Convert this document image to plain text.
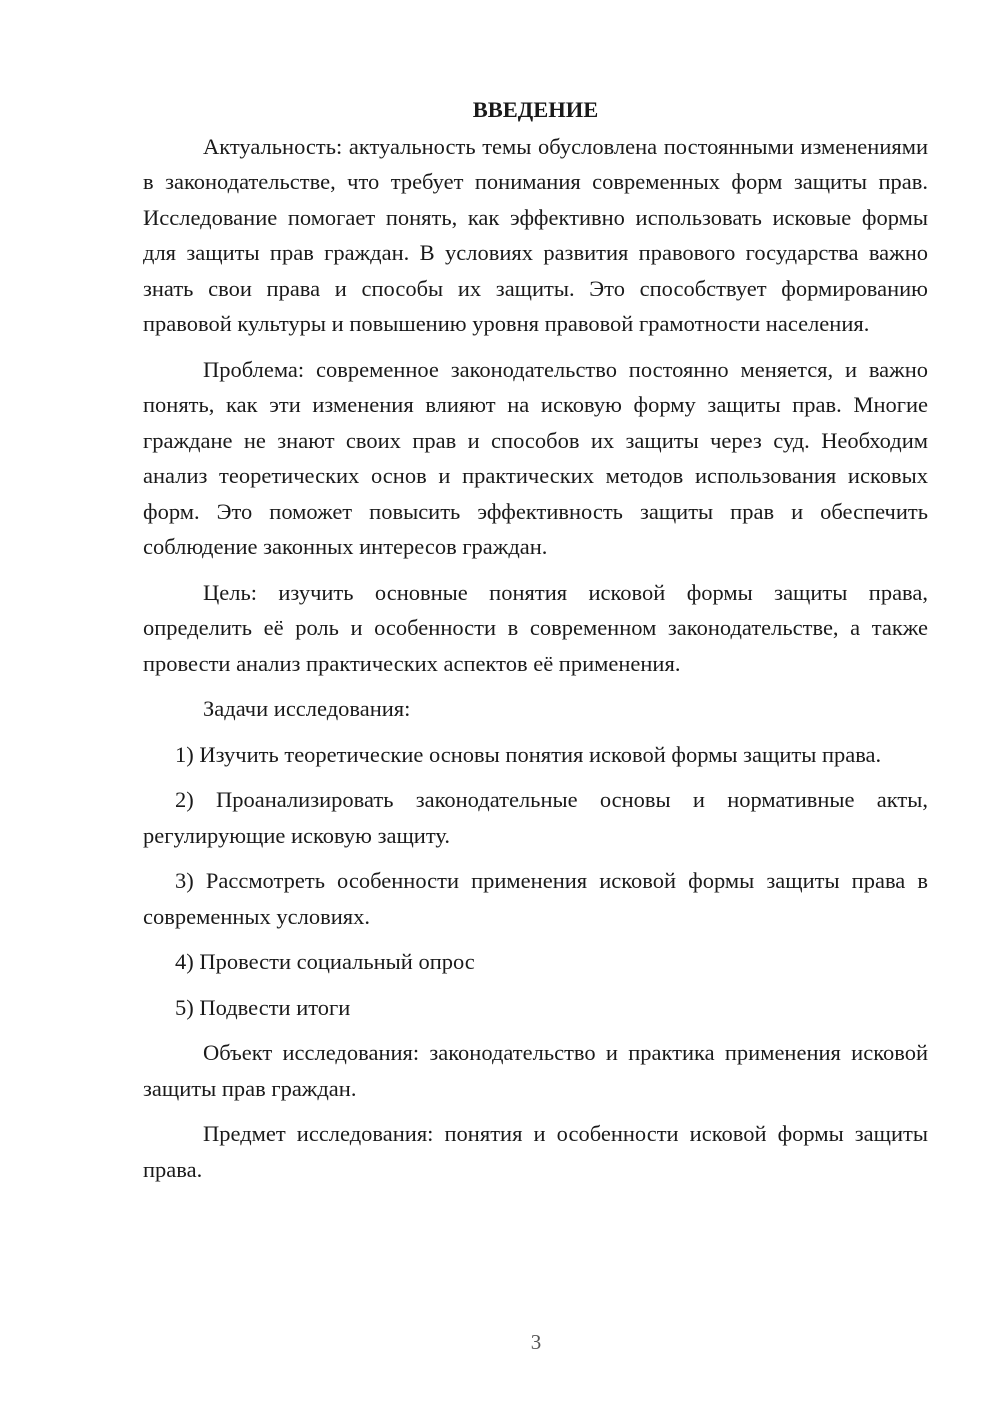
ВВЕДЕНИЕ

Актуальность: актуальность темы обусловлена постоянными изменениями в законодательстве, что требует понимания современных форм защиты прав. Исследование помогает понять, как эффективно использовать исковые формы для защиты прав граждан. В условиях развития правового государства важно знать свои права и способы их защиты. Это способствует формированию правовой культуры и повышению уровня правовой грамотности населения.

Проблема: современное законодательство постоянно меняется, и важно понять, как эти изменения влияют на исковую форму защиты прав. Многие граждане не знают своих прав и способов их защиты через суд. Необходим анализ теоретических основ и практических методов использования исковых форм. Это поможет повысить эффективность защиты прав и обеспечить соблюдение законных интересов граждан.

Цель: изучить основные понятия исковой формы защиты права, определить её роль и особенности в современном законодательстве, а также провести анализ практических аспектов её применения.

Задачи исследования:

1) Изучить теоретические основы понятия исковой формы защиты права.

2) Проанализировать законодательные основы и нормативные акты, регулирующие исковую защиту.

3) Рассмотреть особенности применения исковой формы защиты права в современных условиях.

4) Провести социальный опрос

5) Подвести итоги

Объект исследования: законодательство и практика применения исковой защиты прав граждан.

Предмет исследования: понятия и особенности исковой формы защиты права.

3
